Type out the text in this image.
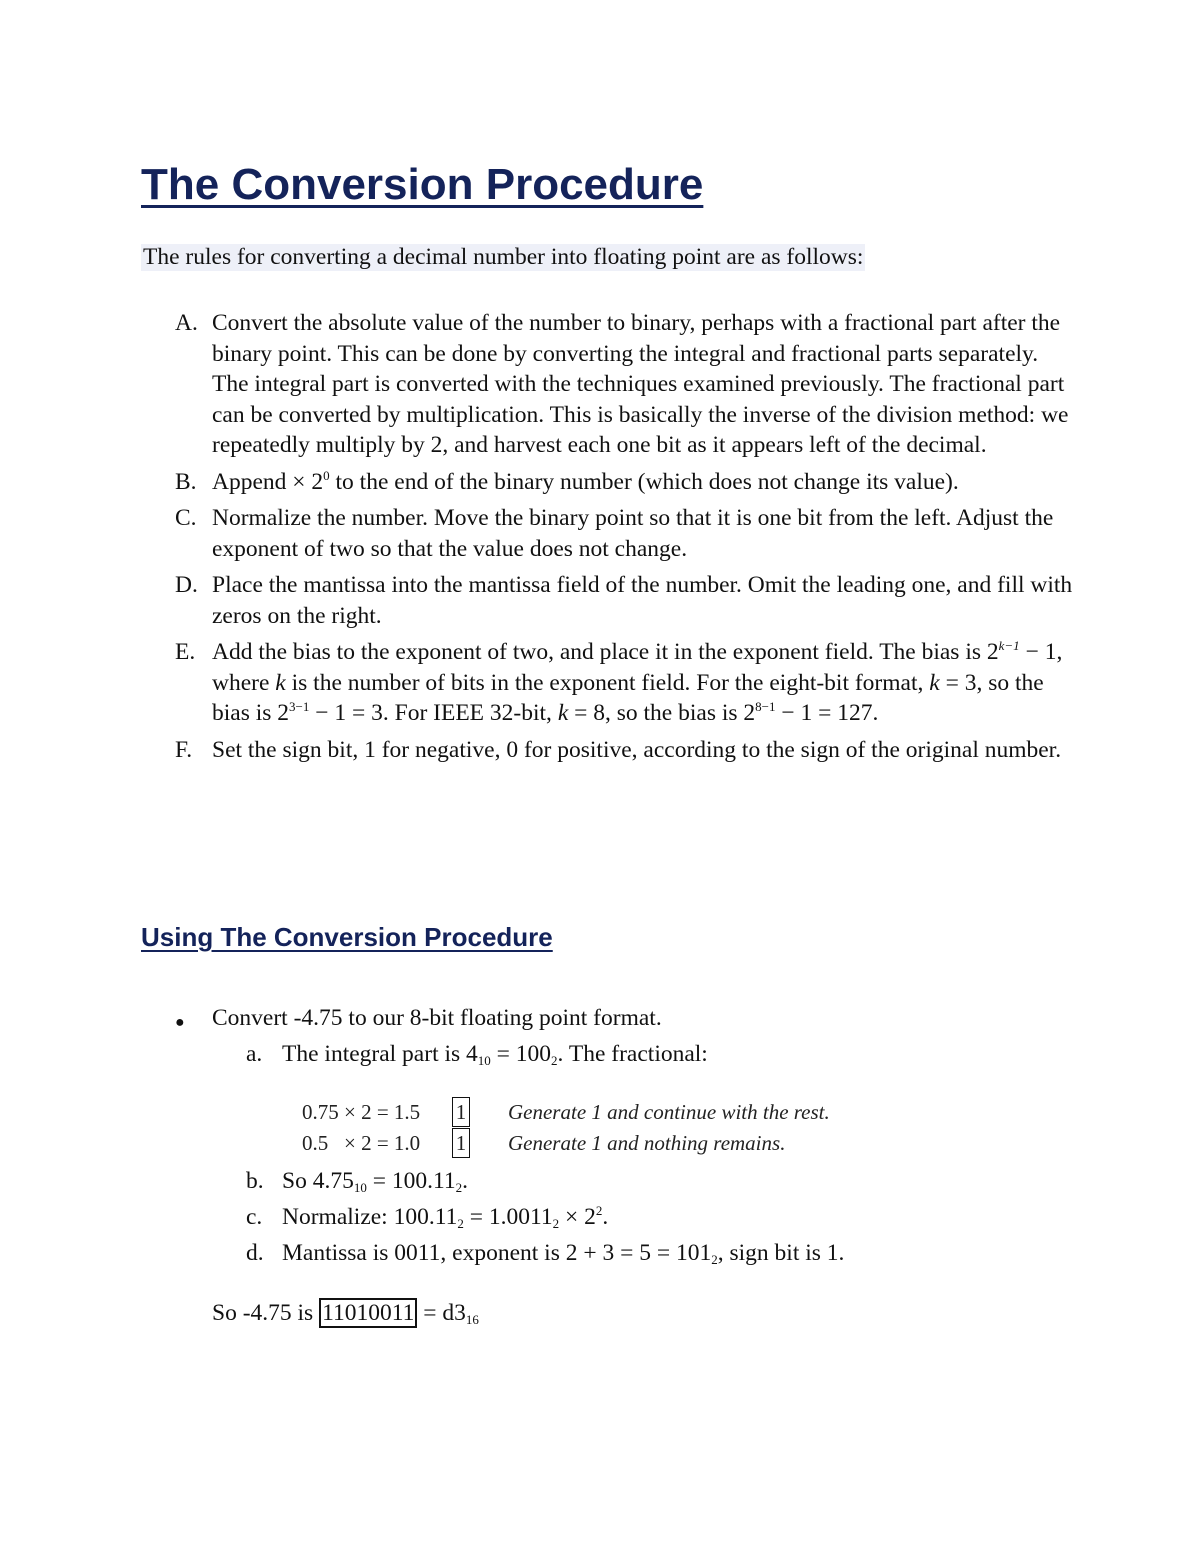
The Conversion Procedure
The rules for converting a decimal number into floating point are as follows:
A. Convert the absolute value of the number to binary, perhaps with a fractional part after the binary point. This can be done by converting the integral and fractional parts separately. The integral part is converted with the techniques examined previously. The fractional part can be converted by multiplication. This is basically the inverse of the division method: we repeatedly multiply by 2, and harvest each one bit as it appears left of the decimal.
B. Append × $2^0$ to the end of the binary number (which does not change its value).
C. Normalize the number. Move the binary point so that it is one bit from the left. Adjust the exponent of two so that the value does not change.
D. Place the mantissa into the mantissa field of the number. Omit the leading one, and fill with zeros on the right.
E. Add the bias to the exponent of two, and place it in the exponent field. The bias is $2^{k-1} - 1$, where k is the number of bits in the exponent field. For the eight-bit format, k = 3, so the bias is $2^{3-1} - 1 = 3$. For IEEE 32-bit, k = 8, so the bias is $2^{8-1} - 1 = 127$.
F. Set the sign bit, 1 for negative, 0 for positive, according to the sign of the original number.
Using The Conversion Procedure
● Convert -4.75 to our 8-bit floating point format.
a. The integral part is $4_{10} = 100_2$. The fractional:
0.75 × 2 = 1.5 1 Generate 1 and continue with the rest.
0.5   × 2 = 1.0 1 Generate 1 and nothing remains.
b. So $4.75_{10} = 100.11_2$.
c. Normalize: $100.11_2 = 1.0011_2 \times 2^2$.
d. Mantissa is 0011, exponent is $2 + 3 = 5 = 101_2$, sign bit is 1.
So -4.75 is $11010011 = d3_{16}$
